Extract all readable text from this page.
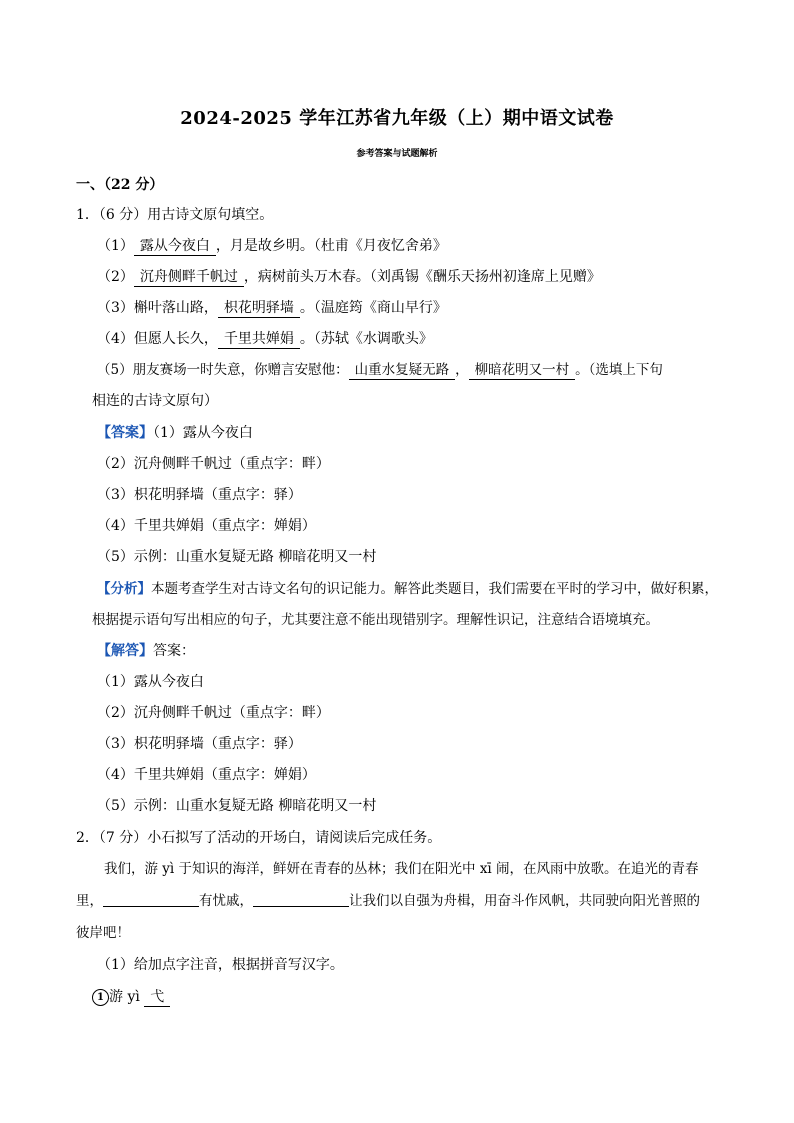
2024-2025 学年江苏省九年级（上）期中语文试卷
参考答案与试题解析
一、（22 分）
1．（6 分）用古诗文原句填空。
（1） 露从今夜白 ，月是故乡明。（杜甫《月夜忆舍弟》
（2） 沉舟侧畔千帆过 ，病树前头万木春。（刘禹锡《酬乐天扬州初逢席上见赠》
（3）槲叶落山路， 枳花明驿墙 。（温庭筠《商山早行》
（4）但愿人长久， 千里共婵娟 。（苏轼《水调歌头》
（5）朋友赛场一时失意，你赠言安慰他： 山重水复疑无路 ， 柳暗花明又一村 。（选填上下句
相连的古诗文原句）
【答案】（1）露从今夜白
（2）沉舟侧畔千帆过（重点字：畔）
（3）枳花明驿墙（重点字：驿）
（4）千里共婵娟（重点字：婵娟）
（5）示例：山重水复疑无路 柳暗花明又一村
【分析】本题考查学生对古诗文名句的识记能力。解答此类题目，我们需要在平时的学习中，做好积累，
根据提示语句写出相应的句子，尤其要注意不能出现错别字。理解性识记，注意结合语境填充。
【解答】答案：
（1）露从今夜白
（2）沉舟侧畔千帆过（重点字：畔）
（3）枳花明驿墙（重点字：驿）
（4）千里共婵娟（重点字：婵娟）
（5）示例：山重水复疑无路 柳暗花明又一村
2．（7 分）小石拟写了活动的开场白，请阅读后完成任务。
我们，游 yì 于知识的海洋，鲜妍在青春的丛林；我们在阳光中 xī 闹，在风雨中放歌。在追光的青春
里，	有忧戚，	让我们以自强为舟楫，用奋斗作风帆，共同驶向阳光普照的
彼岸吧！
（1）给加点字注音，根据拼音写汉字。
1 游 yì 弋
